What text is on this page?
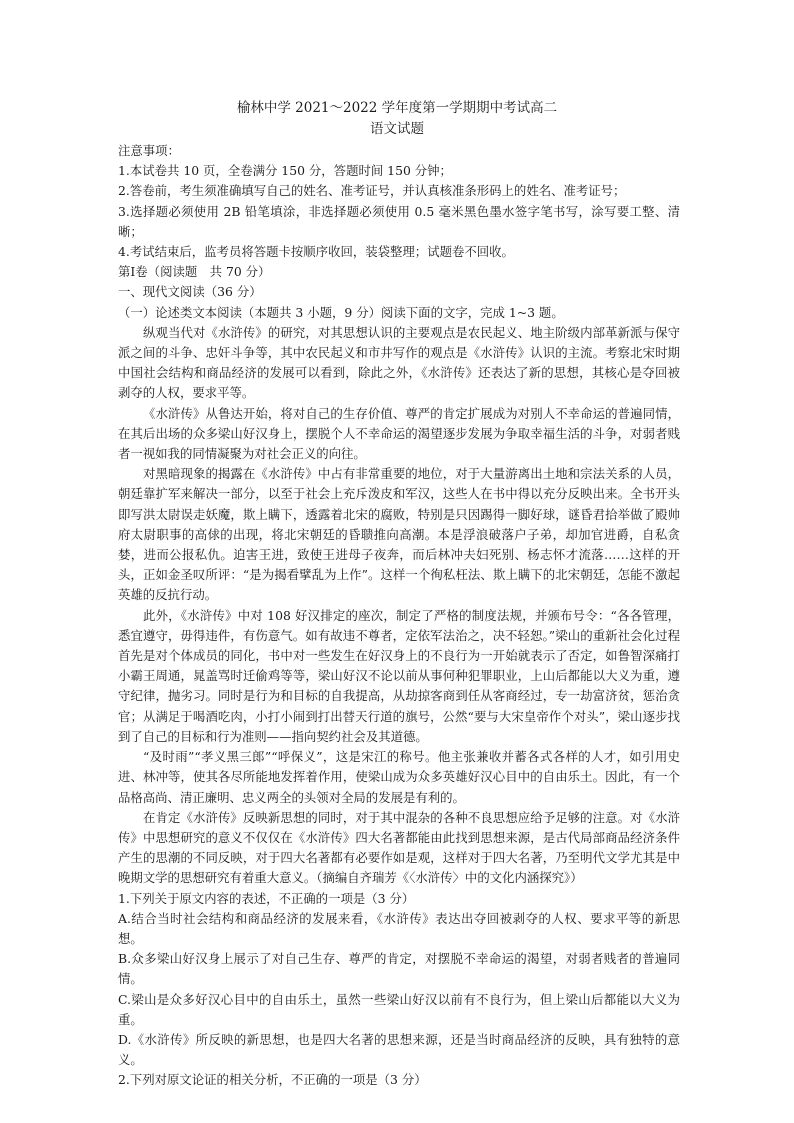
榆林中学 2021～2022 学年度第一学期期中考试高二
语文试题

注意事项：

1.本试卷共 10 页，全卷满分 150 分，答题时间 150 分钟；

2.答卷前，考生须准确填写自己的姓名、准考证号，并认真核准条形码上的姓名、准考证号；

3.选择题必须使用 2B 铅笔填涂，非选择题必须使用 0.5 毫米黑色墨水签字笔书写，涂写要工整、清晰；

4.考试结束后，监考员将答题卡按顺序收回，装袋整理；试题卷不回收。

第Ⅰ卷（阅读题　共 70 分）

一、现代文阅读（36 分）

（一）论述类文本阅读（本题共 3 小题，9 分）阅读下面的文字，完成 1~3 题。

纵观当代对《水浒传》的研究，对其思想认识的主要观点是农民起义、地主阶级内部革新派与保守派之间的斗争、忠奸斗争等，其中农民起义和市井写作的观点是《水浒传》认识的主流。考察北宋时期中国社会结构和商品经济的发展可以看到，除此之外，《水浒传》还表达了新的思想，其核心是夺回被剥夺的人权，要求平等。

《水浒传》从鲁达开始，将对自己的生存价值、尊严的肯定扩展成为对别人不幸命运的普遍同情，在其后出场的众多梁山好汉身上，摆脱个人不幸命运的渴望逐步发展为争取幸福生活的斗争，对弱者贱者一视如我的同情凝聚为对社会正义的向往。

对黑暗现象的揭露在《水浒传》中占有非常重要的地位，对于大量游离出土地和宗法关系的人员，朝廷靠扩军来解决一部分，以至于社会上充斥泼皮和军汉，这些人在书中得以充分反映出来。全书开头即写洪太尉误走妖魔，欺上瞒下，透露着北宋的腐败，特别是只因踢得一脚好球，谜昏君拾举做了殿帅府太尉职事的高俅的出现，将北宋朝廷的昏聩推向高潮。本是浮浪破落户子弟，却加官进爵，自私贪婪，进而公报私仇。迫害王进，致使王进母子夜奔，而后林冲夫妇死别、杨志怀才流落……这样的开头，正如金圣叹所评：“是为揭看擘乱为上作”。这样一个徇私枉法、欺上瞒下的北宋朝廷，怎能不激起英雄的反抗行动。

此外，《水浒传》中对 108 好汉排定的座次，制定了严格的制度法规，并颁布号令：“各各管理，悉宜遵守，毋得违件，有伤意气。如有故违不尊者，定依军法治之，决不轻恕。”梁山的重新社会化过程首先是对个体成员的同化，书中对一些发生在好汉身上的不良行为一开始就表示了否定，如鲁智深痛打小霸王周通，晁盖骂时迁偷鸡等等，梁山好汉不论以前从事何种犯罪职业，上山后都能以大义为重，遵守纪律，抛劣习。同时是行为和目标的自我提高，从劫掠客商到任从客商经过，专一劫富济贫，惩治贪官；从满足于喝酒吃肉，小打小闹到打出替天行道的旗号，公然“要与大宋皇帝作个对头”，梁山逐步找到了自己的目标和行为准则——指向契约社会及其道德。

“及时雨”“孝义黑三郎”“呼保义”，这是宋江的称号。他主张兼收并蓄各式各样的人才，如引用史进、林冲等，使其各尽所能地发挥着作用，使梁山成为众多英雄好汉心目中的自由乐土。因此，有一个品格高尚、清正廉明、忠义两全的头领对全局的发展是有利的。

在肯定《水浒传》反映新思想的同时，对于其中混杂的各种不良思想应给予足够的注意。对《水浒传》中思想研究的意义不仅仅在《水浒传》四大名著都能由此找到思想来源，是古代局部商品经济条件产生的思潮的不同反映，对于四大名著都有必要作如是观，这样对于四大名著，乃至明代文学尤其是中晚期文学的思想研究有着重大意义。（摘编自齐瑞芳《〈水浒传〉中的文化内涵探究》）

1.下列关于原文内容的表述，不正确的一项是（3 分）

A.结合当时社会结构和商品经济的发展来看，《水浒传》表达出夺回被剥夺的人权、要求平等的新思想。

B.众多梁山好汉身上展示了对自己生存、尊严的肯定，对摆脱不幸命运的渴望，对弱者贱者的普遍同情。

C.梁山是众多好汉心目中的自由乐土，虽然一些梁山好汉以前有不良行为，但上梁山后都能以大义为重。

D.《水浒传》所反映的新思想，也是四大名著的思想来源，还是当时商品经济的反映，具有独特的意义。

2.下列对原文论证的相关分析，不正确的一项是（3 分）
